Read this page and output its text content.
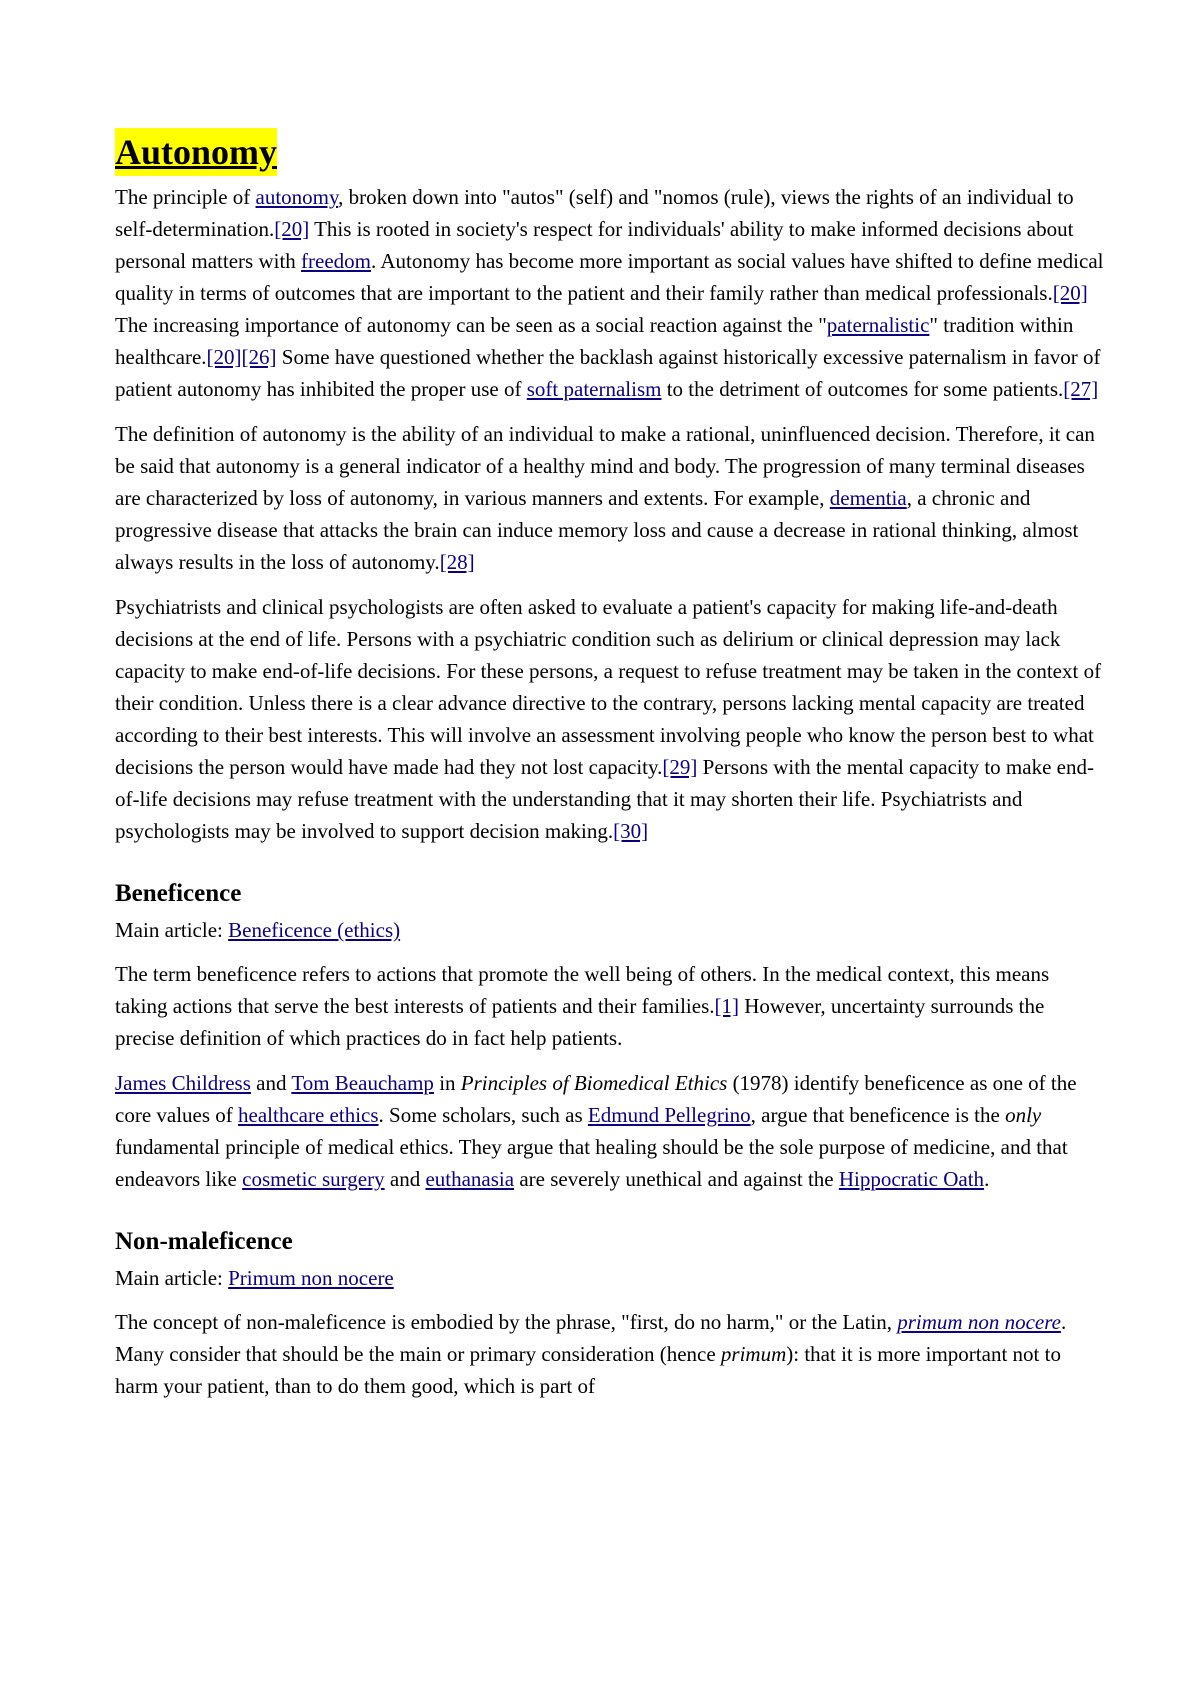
Autonomy

The principle of autonomy, broken down into "autos" (self) and "nomos (rule), views the rights of an individual to self-determination.[20] This is rooted in society's respect for individuals' ability to make informed decisions about personal matters with freedom. Autonomy has become more important as social values have shifted to define medical quality in terms of outcomes that are important to the patient and their family rather than medical professionals.[20] The increasing importance of autonomy can be seen as a social reaction against the "paternalistic" tradition within healthcare.[20][26] Some have questioned whether the backlash against historically excessive paternalism in favor of patient autonomy has inhibited the proper use of soft paternalism to the detriment of outcomes for some patients.[27]

The definition of autonomy is the ability of an individual to make a rational, uninfluenced decision. Therefore, it can be said that autonomy is a general indicator of a healthy mind and body. The progression of many terminal diseases are characterized by loss of autonomy, in various manners and extents. For example, dementia, a chronic and progressive disease that attacks the brain can induce memory loss and cause a decrease in rational thinking, almost always results in the loss of autonomy.[28]

Psychiatrists and clinical psychologists are often asked to evaluate a patient's capacity for making life-and-death decisions at the end of life. Persons with a psychiatric condition such as delirium or clinical depression may lack capacity to make end-of-life decisions. For these persons, a request to refuse treatment may be taken in the context of their condition. Unless there is a clear advance directive to the contrary, persons lacking mental capacity are treated according to their best interests. This will involve an assessment involving people who know the person best to what decisions the person would have made had they not lost capacity.[29] Persons with the mental capacity to make end-of-life decisions may refuse treatment with the understanding that it may shorten their life. Psychiatrists and psychologists may be involved to support decision making.[30]

Beneficence

Main article: Beneficence (ethics)

The term beneficence refers to actions that promote the well being of others. In the medical context, this means taking actions that serve the best interests of patients and their families.[1] However, uncertainty surrounds the precise definition of which practices do in fact help patients.

James Childress and Tom Beauchamp in Principles of Biomedical Ethics (1978) identify beneficence as one of the core values of healthcare ethics. Some scholars, such as Edmund Pellegrino, argue that beneficence is the only fundamental principle of medical ethics. They argue that healing should be the sole purpose of medicine, and that endeavors like cosmetic surgery and euthanasia are severely unethical and against the Hippocratic Oath.

Non-maleficence

Main article: Primum non nocere

The concept of non-maleficence is embodied by the phrase, "first, do no harm," or the Latin, primum non nocere. Many consider that should be the main or primary consideration (hence primum): that it is more important not to harm your patient, than to do them good, which is part of
